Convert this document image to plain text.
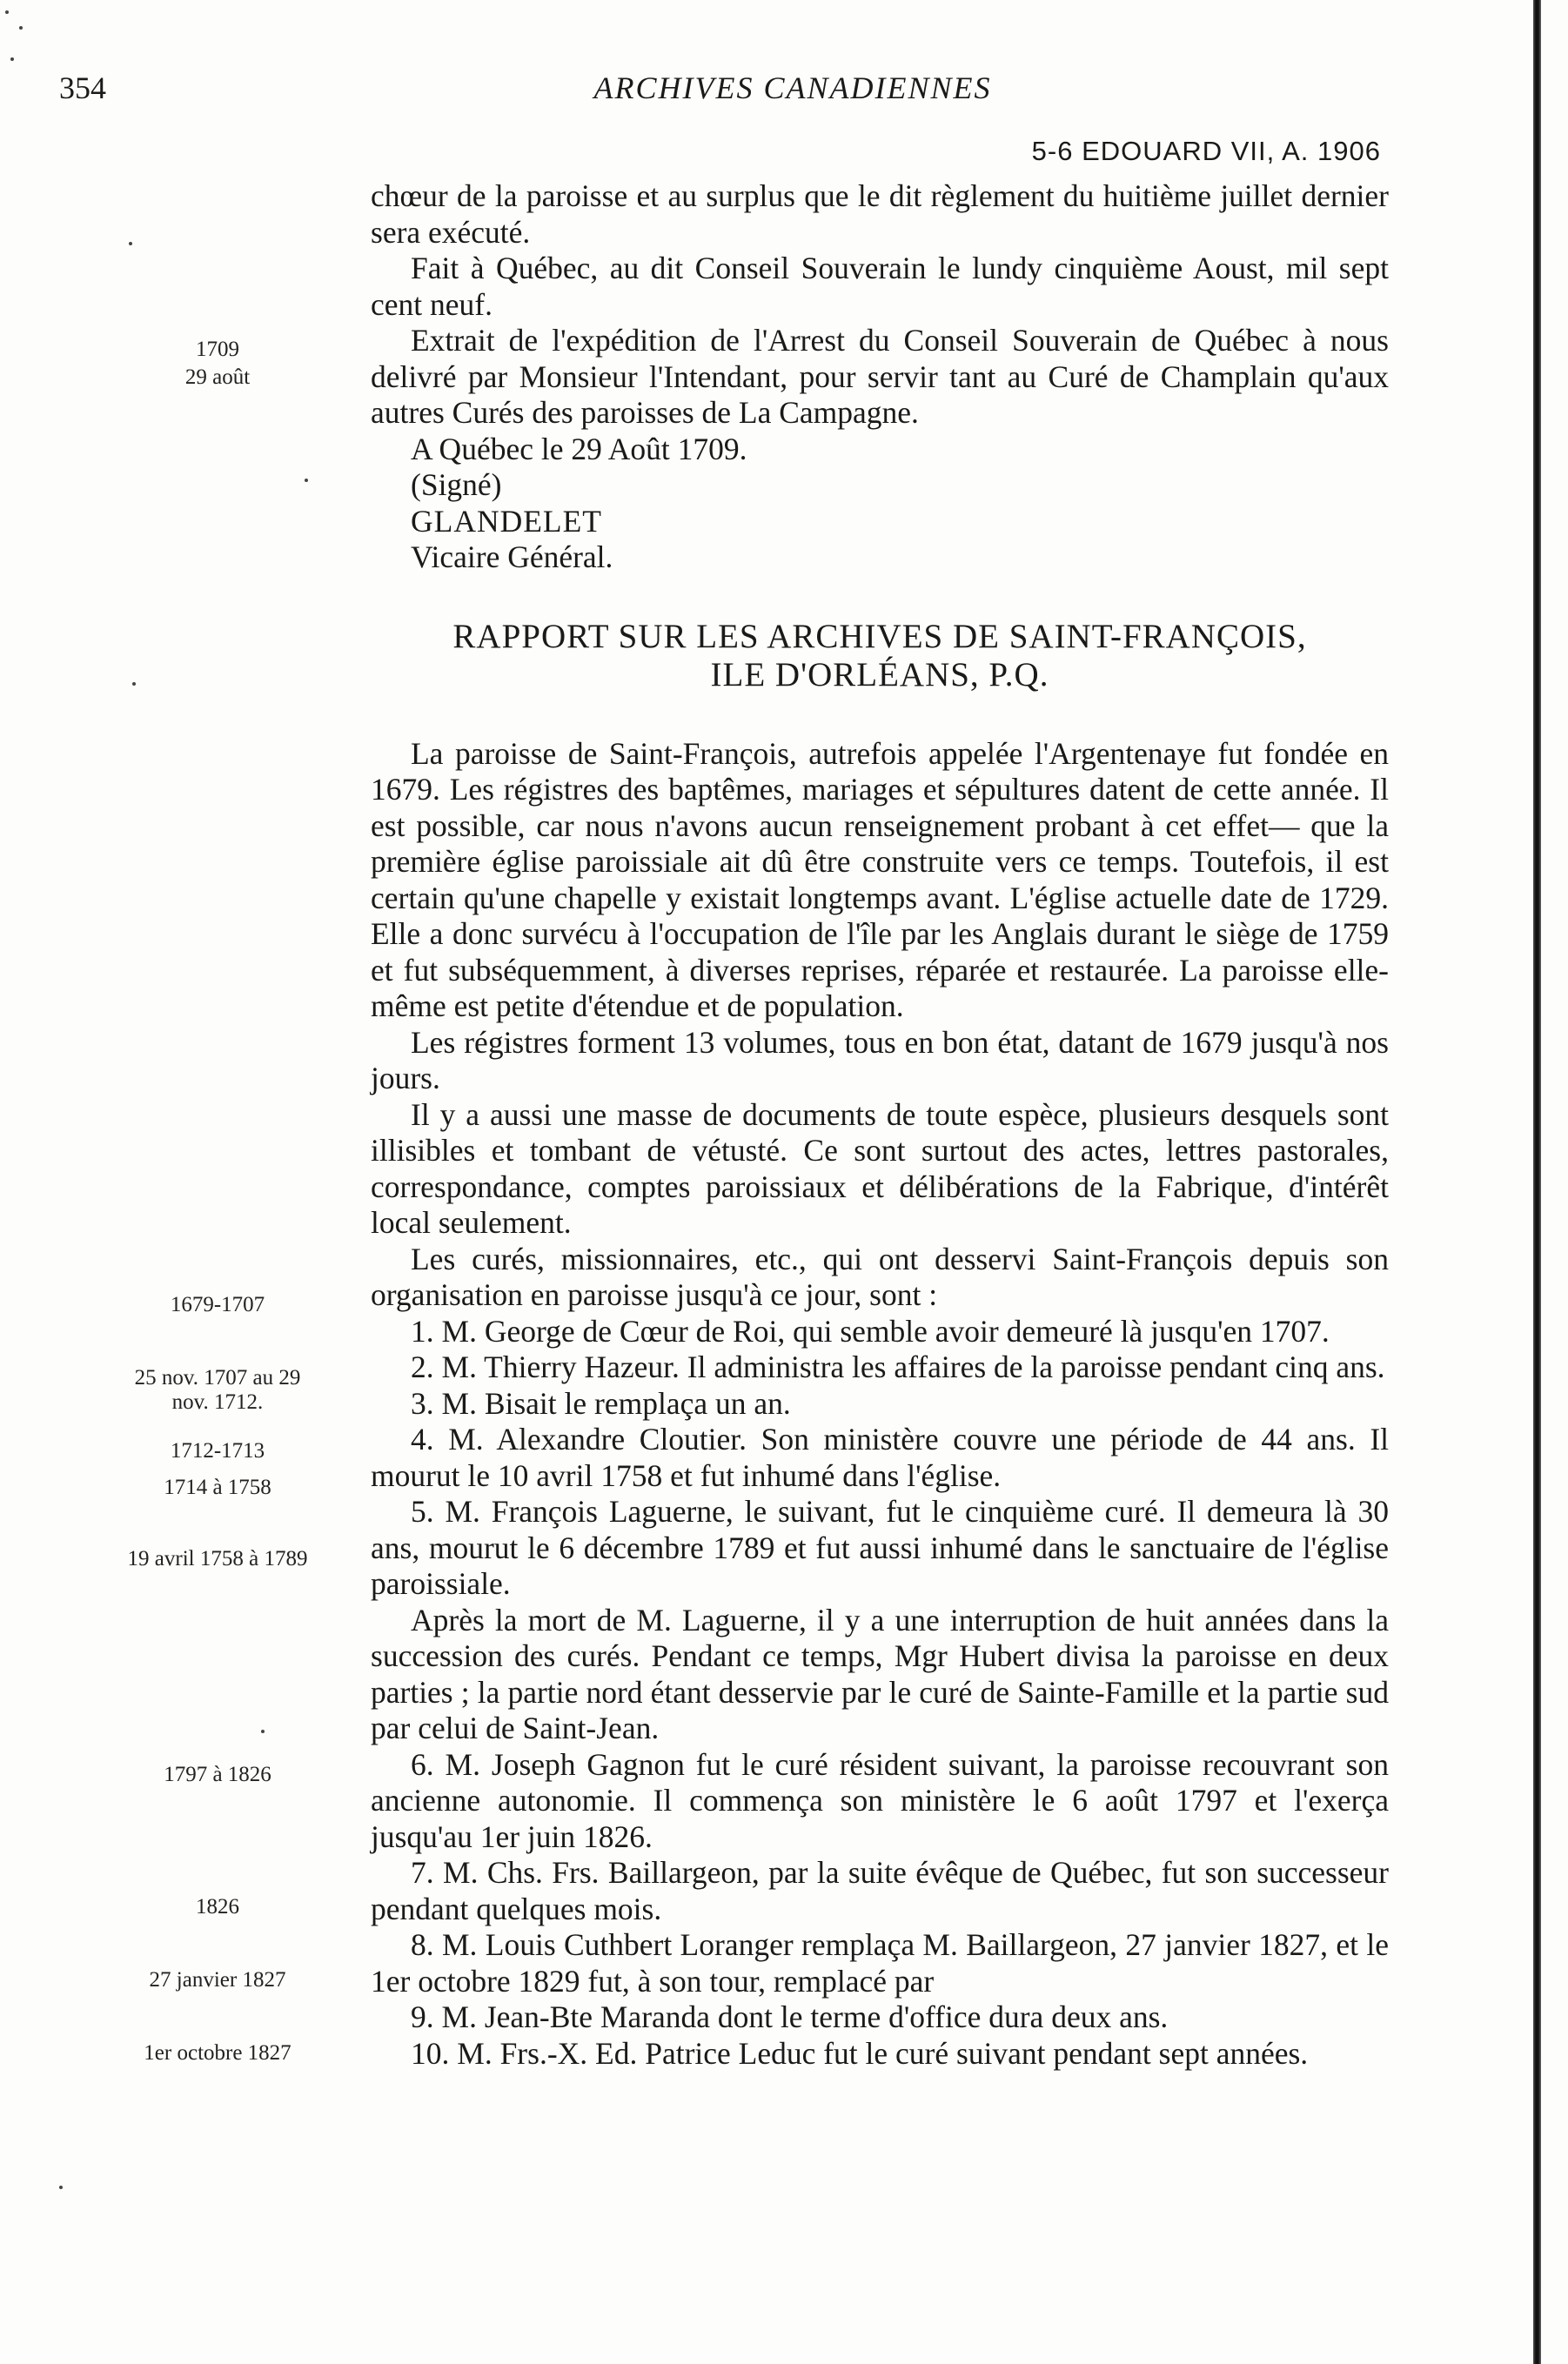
354	ARCHIVES CANADIENNES
5-6 EDOUARD VII, A. 1906
1709
29 août
1679-1707
25 nov. 1707 au 29
nov. 1712.
1712-1713
1714 à 1758
19 avril 1758 à 1789
1797 à 1826
1826
27 janvier 1827
1er octobre 1827

chœur de la paroisse et au surplus que le dit règlement du huitième juillet dernier sera exécuté.

Fait à Québec, au dit Conseil Souverain le lundy cinquième Aoust, mil sept cent neuf.

Extrait de l'expédition de l'Arrest du Conseil Souverain de Québec à nous delivré par Monsieur l'Intendant, pour servir tant au Curé de Champlain qu'aux autres Curés des paroisses de La Campagne.

A Québec le 29 Août 1709.

(Signé)

GLANDELET

Vicaire Général.

RAPPORT SUR LES ARCHIVES DE SAINT-FRANÇOIS,
ILE D'ORLÉANS, P.Q.

La paroisse de Saint-François, autrefois appelée l'Argentenaye fut fondée en 1679. Les régistres des baptêmes, mariages et sépultures datent de cette année. Il est possible, car nous n'avons aucun renseignement probant à cet effet— que la première église paroissiale ait dû être construite vers ce temps. Toutefois, il est certain qu'une chapelle y existait longtemps avant. L'église actuelle date de 1729. Elle a donc survécu à l'occupation de l'île par les Anglais durant le siège de 1759 et fut subséquemment, à diverses reprises, réparée et restaurée. La paroisse elle-même est petite d'étendue et de population.

Les régistres forment 13 volumes, tous en bon état, datant de 1679 jusqu'à nos jours.

Il y a aussi une masse de documents de toute espèce, plusieurs desquels sont illisibles et tombant de vétusté. Ce sont surtout des actes, lettres pastorales, correspondance, comptes paroissiaux et délibérations de la Fabrique, d'intérêt local seulement.

Les curés, missionnaires, etc., qui ont desservi Saint-François depuis son organisation en paroisse jusqu'à ce jour, sont :

1. M. George de Cœur de Roi, qui semble avoir demeuré là jusqu'en 1707.

2. M. Thierry Hazeur. Il administra les affaires de la paroisse pendant cinq ans.

3. M. Bisait le remplaça un an.

4. M. Alexandre Cloutier. Son ministère couvre une période de 44 ans. Il mourut le 10 avril 1758 et fut inhumé dans l'église.

5. M. François Laguerne, le suivant, fut le cinquième curé. Il demeura là 30 ans, mourut le 6 décembre 1789 et fut aussi inhumé dans le sanctuaire de l'église paroissiale.

Après la mort de M. Laguerne, il y a une interruption de huit années dans la succession des curés. Pendant ce temps, Mgr Hubert divisa la paroisse en deux parties ; la partie nord étant desservie par le curé de Sainte-Famille et la partie sud par celui de Saint-Jean.

6. M. Joseph Gagnon fut le curé résident suivant, la paroisse recouvrant son ancienne autonomie. Il commença son ministère le 6 août 1797 et l'exerça jusqu'au 1er juin 1826.

7. M. Chs. Frs. Baillargeon, par la suite évêque de Québec, fut son successeur pendant quelques mois.

8. M. Louis Cuthbert Loranger remplaça M. Baillargeon, 27 janvier 1827, et le 1er octobre 1829 fut, à son tour, remplacé par

9. M. Jean-Bte Maranda dont le terme d'office dura deux ans.

10. M. Frs.-X. Ed. Patrice Leduc fut le curé suivant pendant sept années.
